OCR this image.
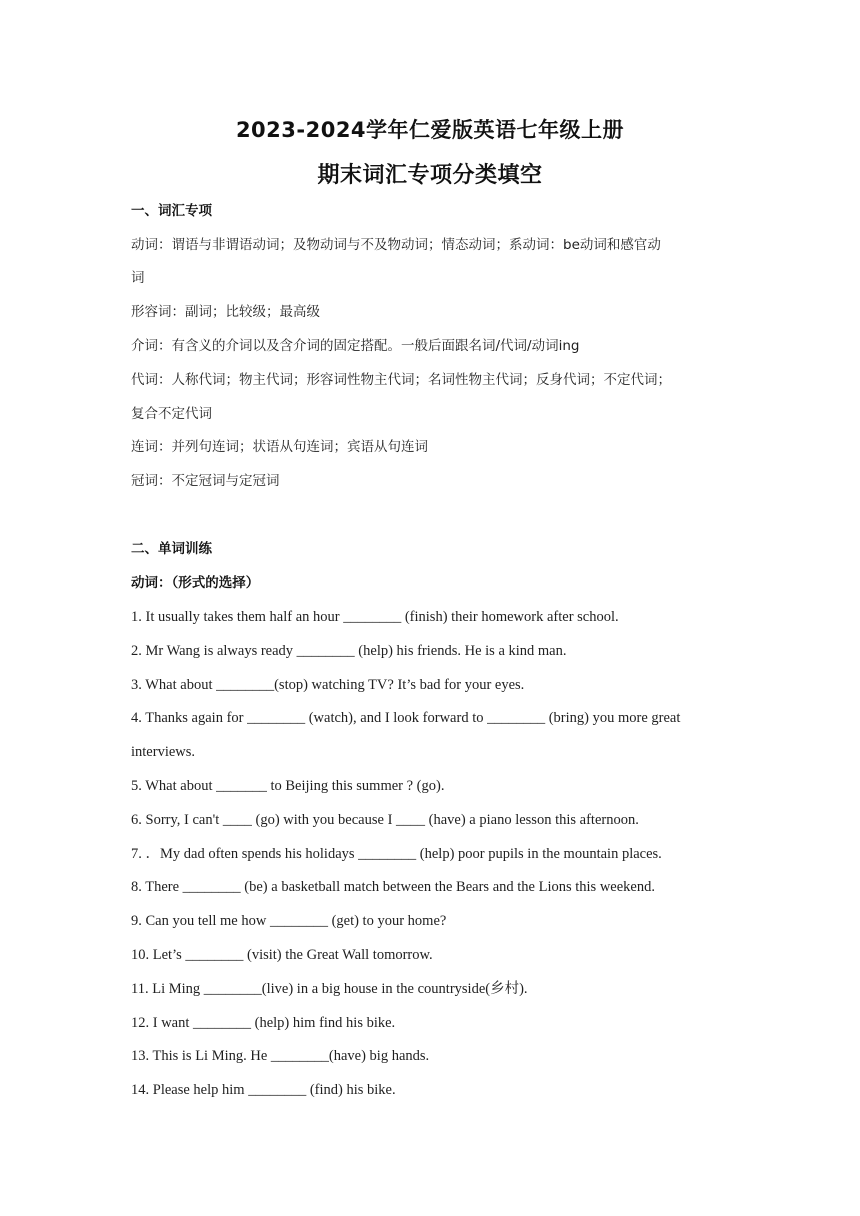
2023-2024学年仁爱版英语七年级上册
期末词汇专项分类填空
一、词汇专项
动词：谓语与非谓语动词；及物动词与不及物动词；情态动词；系动词：be动词和感官动
词
形容词：副词；比较级；最高级
介词：有含义的介词以及含介词的固定搭配。一般后面跟名词/代词/动词ing
代词：人称代词；物主代词；形容词性物主代词；名词性物主代词；反身代词；不定代词；
复合不定代词
连词：并列句连词；状语从句连词；宾语从句连词
冠词：不定冠词与定冠词
二、单词训练
动词：（形式的选择）
1. It usually takes them half an hour ________ (finish) their homework after school.
2. Mr Wang is always ready ________ (help) his friends. He is a kind man.
3. What about ________(stop) watching TV? It’s bad for your eyes.
4. Thanks again for ________ (watch), and I look forward to ________ (bring) you more great
interviews.
5. What about _______ to Beijing this summer ? (go).
6. Sorry, I can't ____ (go) with you because I ____ (have) a piano lesson this afternoon.
7. ．My dad often spends his holidays ________ (help) poor pupils in the mountain places.
8. There ________ (be) a basketball match between the Bears and the Lions this weekend.
9. Can you tell me how ________ (get) to your home?
10. Let’s ________ (visit) the Great Wall tomorrow.
11. Li Ming ________(live) in a big house in the countryside(乡村).
12. I want ________ (help) him find his bike.
13. This is Li Ming. He ________(have) big hands.
14. Please help him ________ (find) his bike.
